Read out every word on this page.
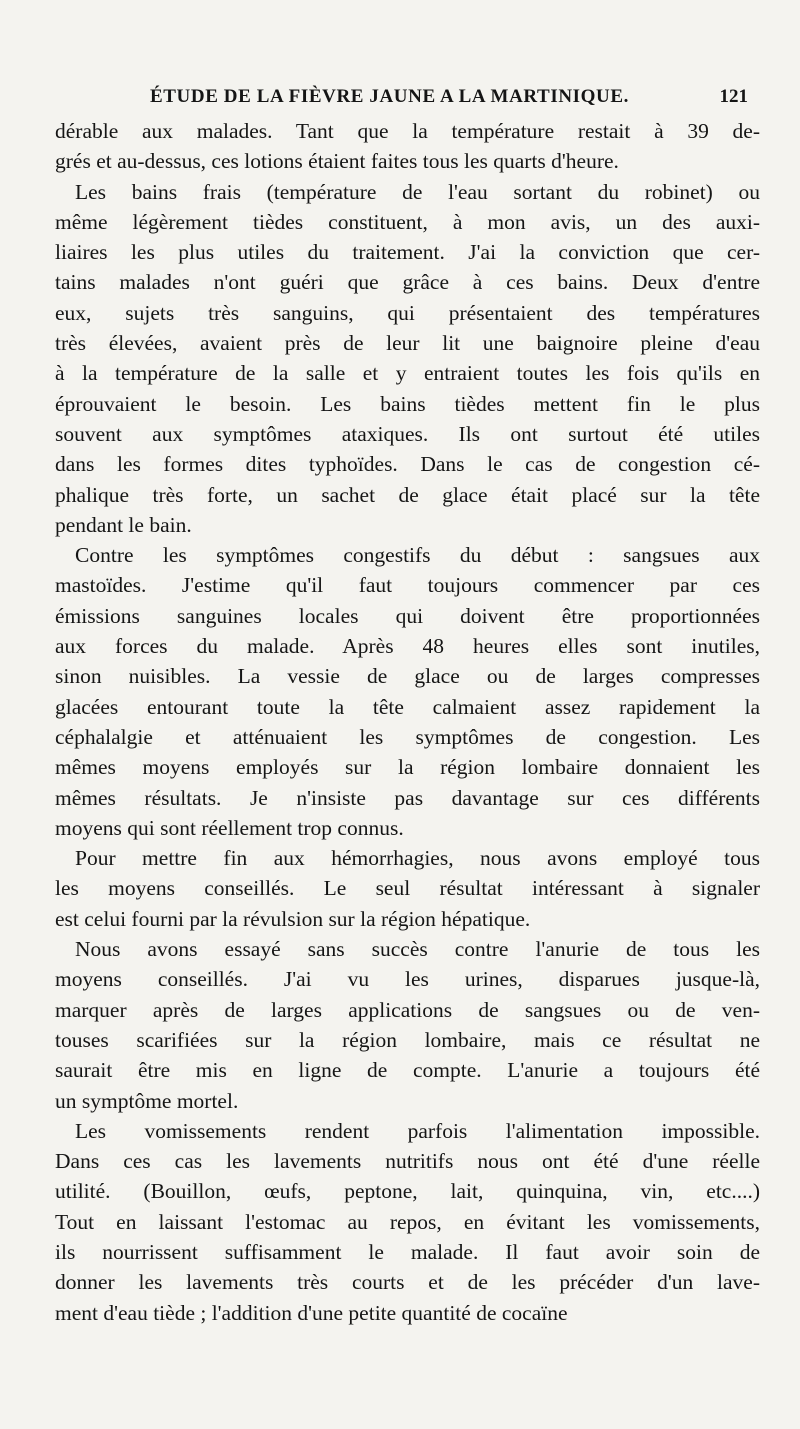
ÉTUDE DE LA FIÈVRE JAUNE A LA MARTINIQUE.	121
dérable aux malades. Tant que la température restait à 39 de-
grés et au-dessus, ces lotions étaient faites tous les quarts d'heure.
Les bains frais (température de l'eau sortant du robinet) ou
même légèrement tièdes constituent, à mon avis, un des auxi-
liaires les plus utiles du traitement. J'ai la conviction que cer-
tains malades n'ont guéri que grâce à ces bains. Deux d'entre
eux, sujets très sanguins, qui présentaient des températures
très élevées, avaient près de leur lit une baignoire pleine d'eau
à la température de la salle et y entraient toutes les fois qu'ils en
éprouvaient le besoin. Les bains tièdes mettent fin le plus
souvent aux symptômes ataxiques. Ils ont surtout été utiles
dans les formes dites typhoïdes. Dans le cas de congestion cé-
phalique très forte, un sachet de glace était placé sur la tête
pendant le bain.
Contre les symptômes congestifs du début : sangsues aux
mastoïdes. J'estime qu'il faut toujours commencer par ces
émissions sanguines locales qui doivent être proportionnées
aux forces du malade. Après 48 heures elles sont inutiles,
sinon nuisibles. La vessie de glace ou de larges compresses
glacées entourant toute la tête calmaient assez rapidement la
céphalalgie et atténuaient les symptômes de congestion. Les
mêmes moyens employés sur la région lombaire donnaient les
mêmes résultats. Je n'insiste pas davantage sur ces différents
moyens qui sont réellement trop connus.
Pour mettre fin aux hémorrhagies, nous avons employé tous
les moyens conseillés. Le seul résultat intéressant à signaler
est celui fourni par la révulsion sur la région hépatique.
Nous avons essayé sans succès contre l'anurie de tous les
moyens conseillés. J'ai vu les urines, disparues jusque-là,
marquer après de larges applications de sangsues ou de ven-
touses scarifiées sur la région lombaire, mais ce résultat ne
saurait être mis en ligne de compte. L'anurie a toujours été
un symptôme mortel.
Les vomissements rendent parfois l'alimentation impossible.
Dans ces cas les lavements nutritifs nous ont été d'une réelle
utilité. (Bouillon, œufs, peptone, lait, quinquina, vin, etc....)
Tout en laissant l'estomac au repos, en évitant les vomissements,
ils nourrissent suffisamment le malade. Il faut avoir soin de
donner les lavements très courts et de les précéder d'un lave-
ment d'eau tiède ; l'addition d'une petite quantité de cocaïne
